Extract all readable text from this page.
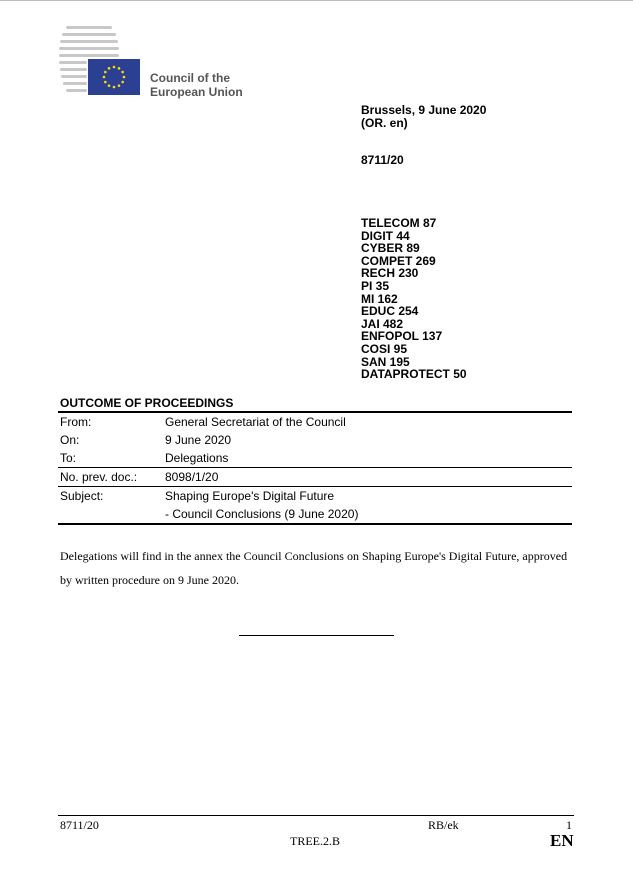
Council of the
European Union
Brussels, 9 June 2020
(OR. en)
8711/20
TELECOM 87
DIGIT 44
CYBER 89
COMPET 269
RECH 230
PI 35
MI 162
EDUC 254
JAI 482
ENFOPOL 137
COSI 95
SAN 195
DATAPROTECT 50
OUTCOME OF PROCEEDINGS
From:	General Secretariat of the Council
On:	9 June 2020
To:	Delegations
No. prev. doc.: 8098/1/20
Subject:	Shaping Europe's Digital Future
- Council Conclusions (9 June 2020)
Delegations will find in the annex the Council Conclusions on Shaping Europe's Digital Future, approved by written procedure on 9 June 2020.
8711/20	RB/ek	1
TREE.2.B	EN
